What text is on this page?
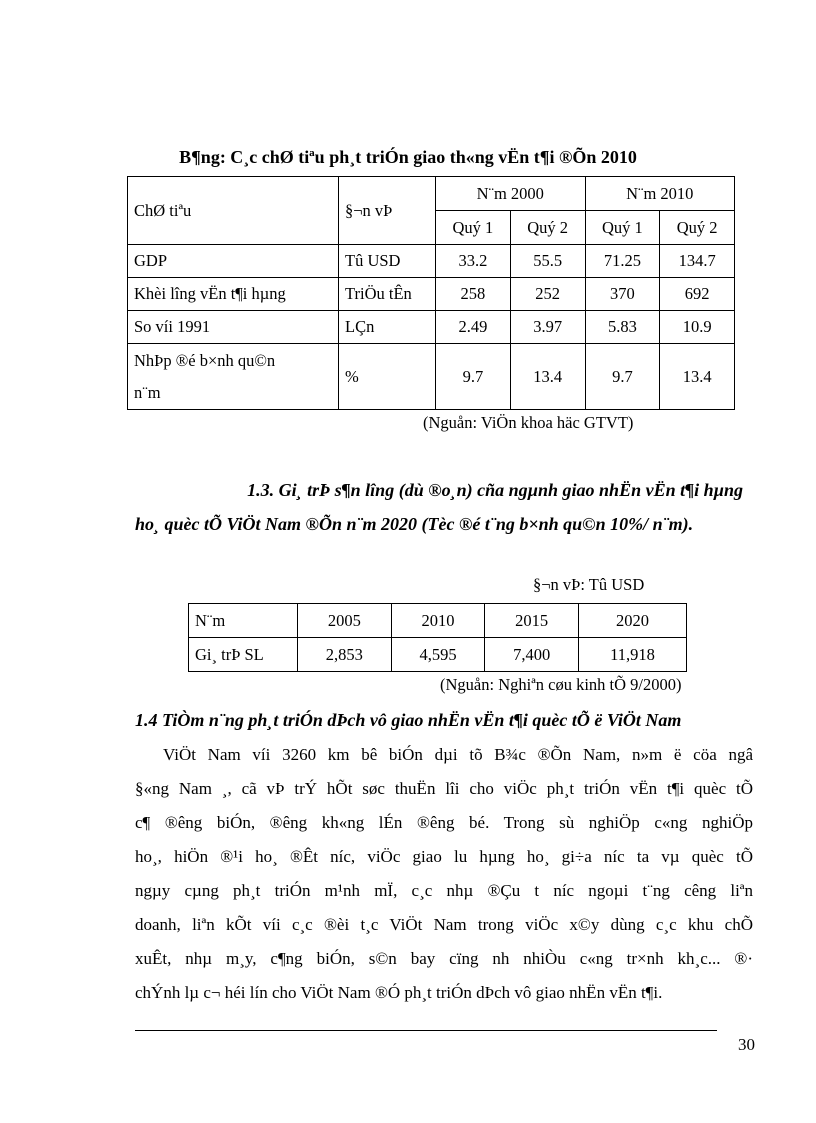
B¶ng: C¸c chØ tiªu ph¸t triÓn giao th«ng vËn t¶i ®Õn 2010
ChØ tiªu	§¬n vÞ	N¨m 2000		N¨m 2010	
		Quý 1	Quý 2	Quý 1	Quý 2
GDP	Tû USD	33.2	55.5	71.25	134.7
Khèi lîng vËn t¶i hµng	TriÖu tÊn	258	252	370	692
So víi 1991	LÇn	2.49	3.97	5.83	10.9
NhÞp ®é b×nh qu©n
n¨m	%	9.7	13.4	9.7	13.4
(Nguån: ViÖn khoa häc GTVT)
1.3. Gi¸ trÞ s¶n lîng (dù ®o¸n) cña ngµnh giao nhËn vËn t¶i hµng
ho¸ quèc tÕ ViÖt Nam ®Õn n¨m 2020 (Tèc ®é t¨ng b×nh qu©n 10%/ n¨m).
§¬n vÞ: Tû USD
N¨m	2005	2010	2015	2020
Gi¸ trÞ SL	2,853	4,595	7,400	11,918
(Nguån: Nghiªn cøu kinh tÕ 9/2000)
1.4 TiÒm n¨ng ph¸t triÓn dÞch vô giao nhËn vËn t¶i quèc tÕ ë ViÖt Nam
ViÖt Nam víi 3260 km bê biÓn dµi tõ B¾c ®Õn Nam, n»m ë cöa ngâ
§«ng Nam ¸, cã vÞ trÝ hÕt søc thuËn lîi cho viÖc ph¸t triÓn vËn t¶i quèc tÕ
c¶ ®êng biÓn, ®êng kh«ng lÉn ®êng bé. Trong sù nghiÖp c«ng nghiÖp
ho¸, hiÖn ®¹i ho¸ ®Êt níc, viÖc giao lu hµng ho¸ gi÷a níc ta vµ quèc tÕ
ngµy cµng ph¸t triÓn m¹nh mÏ, c¸c nhµ ®Çu t níc ngoµi t¨ng cêng liªn
doanh, liªn kÕt víi c¸c ®èi t¸c ViÖt Nam trong viÖc x©y dùng c¸c khu chÕ
xuÊt, nhµ m¸y, c¶ng biÓn, s©n bay cïng nh nhiÒu c«ng tr×nh kh¸c... ®·
chÝnh lµ c¬ héi lín cho ViÖt Nam ®Ó ph¸t triÓn dÞch vô giao nhËn vËn t¶i.
30
